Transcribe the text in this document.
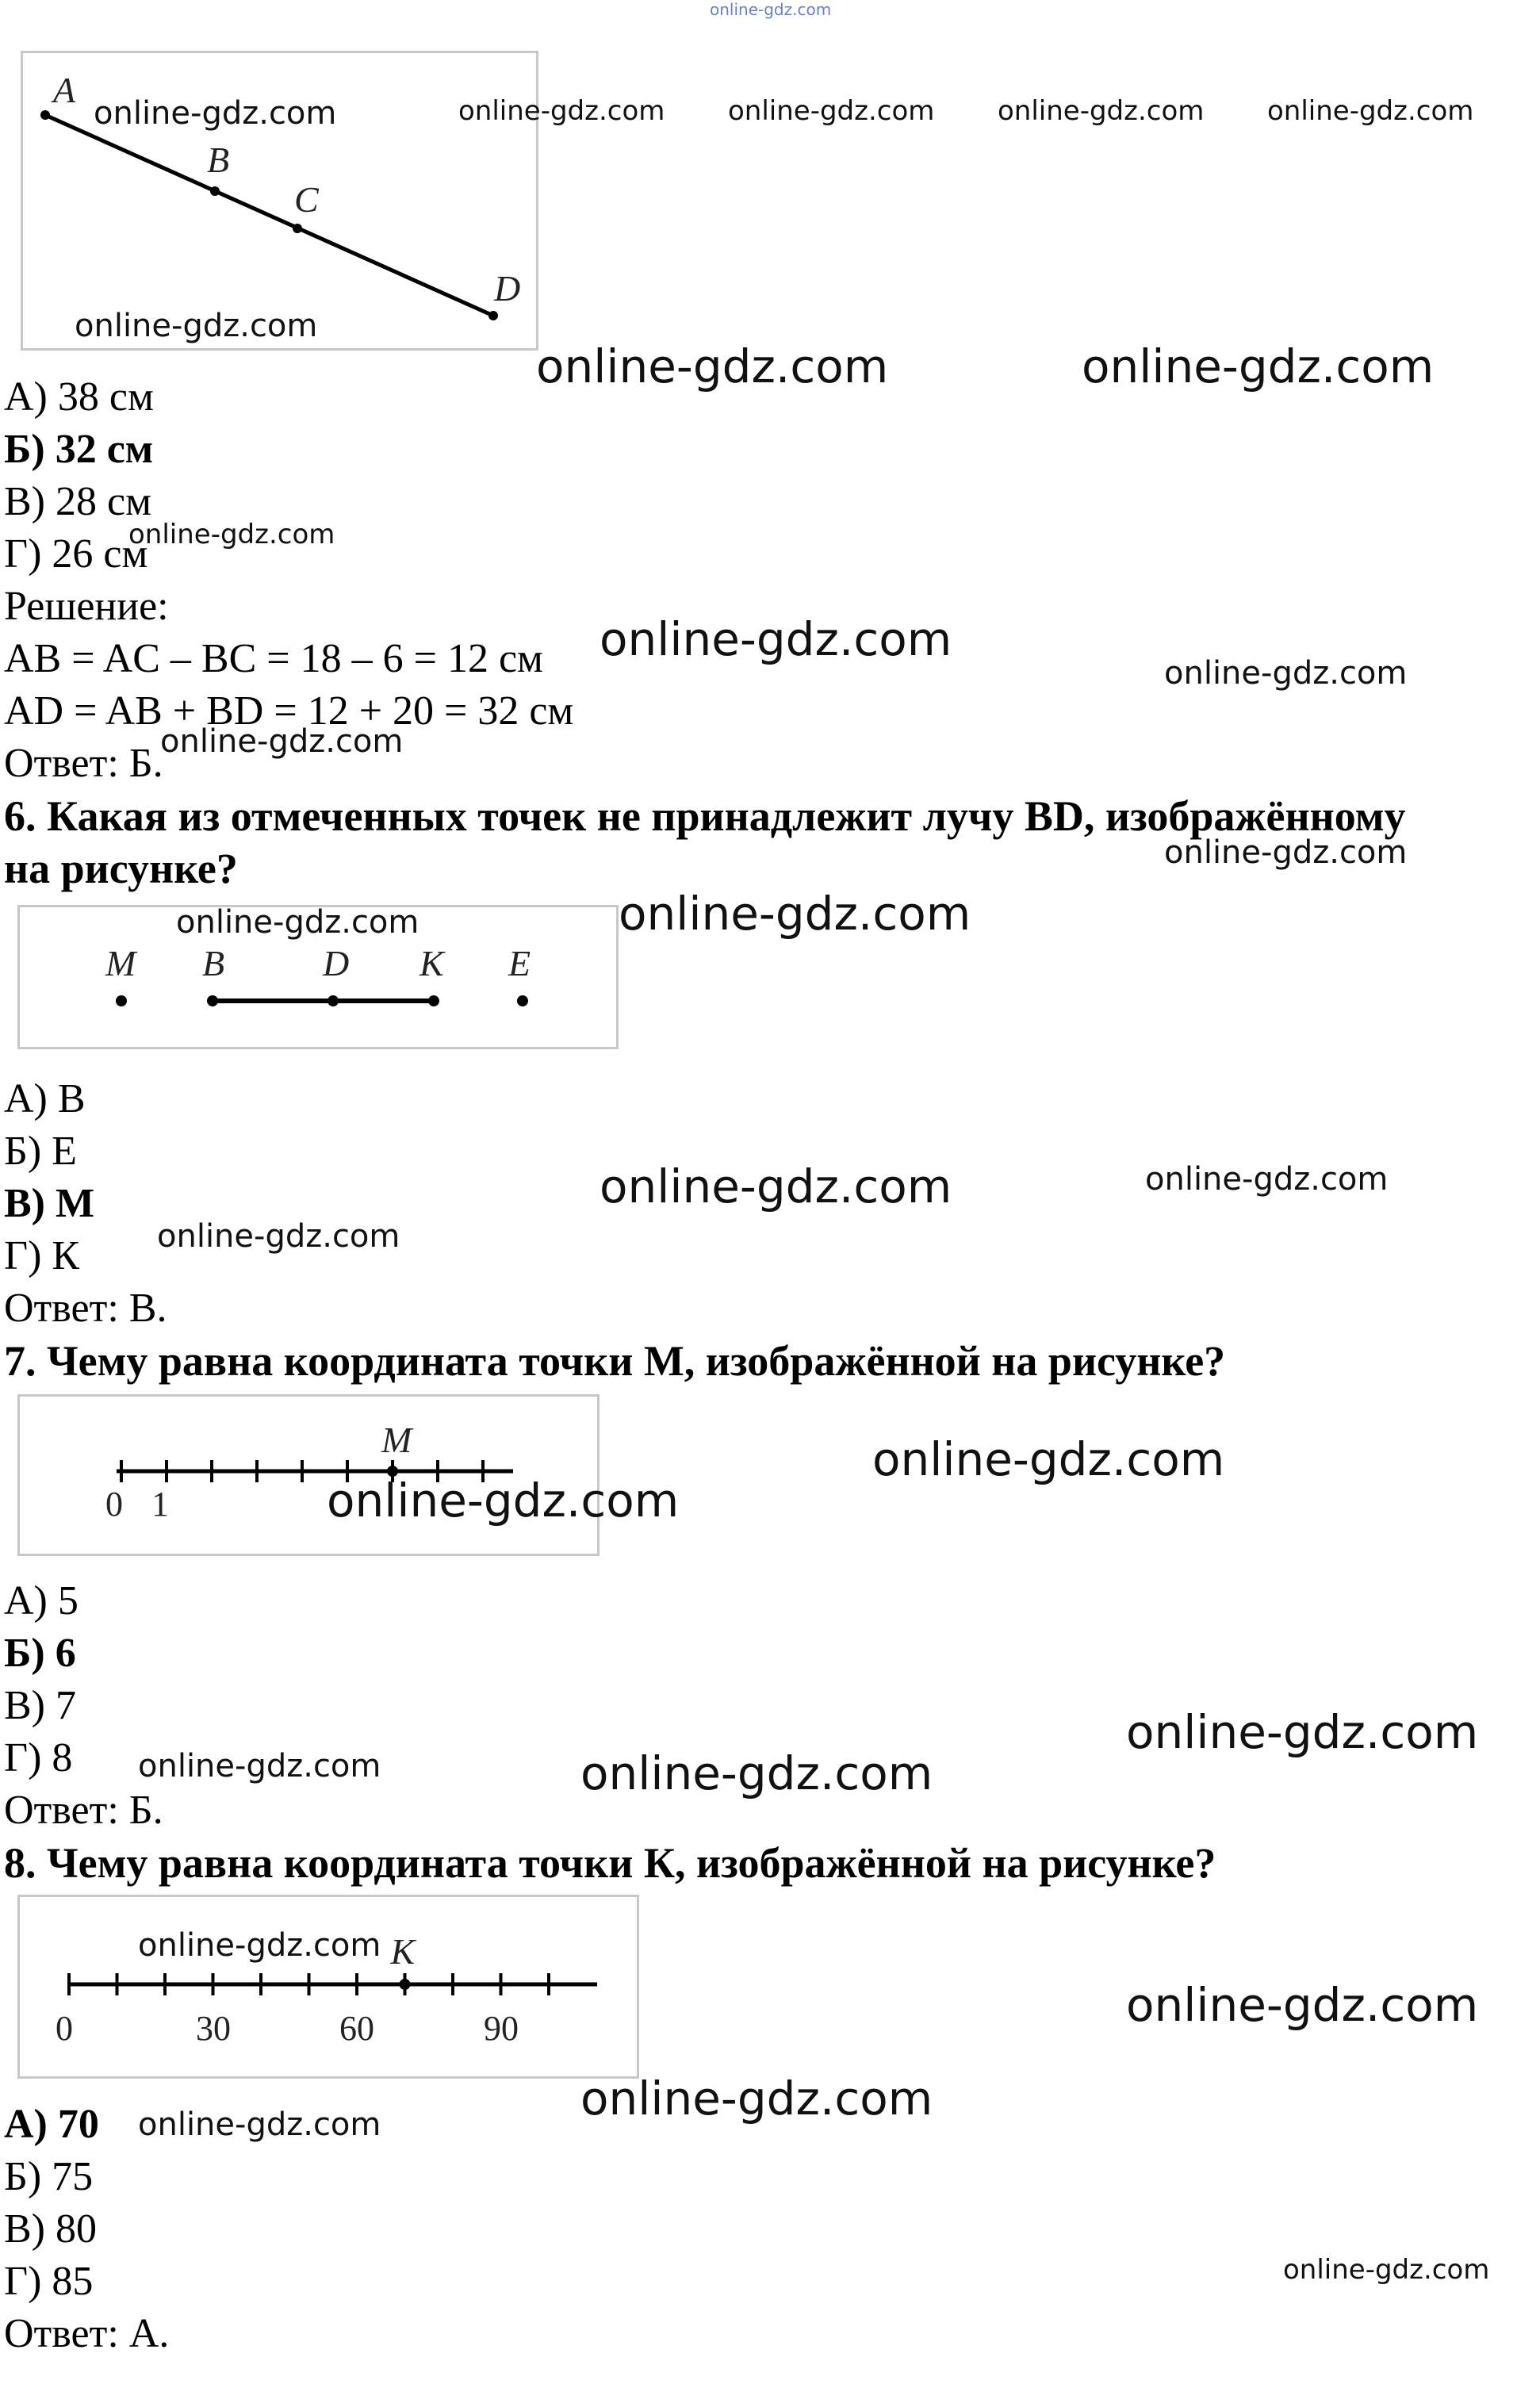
online-gdz.com
A
B
C
D
А) 38 см
Б) 32 см
В) 28 см
Г) 26 см
Решение:
AB = AC – BC = 18 – 6 = 12 см
AD = AB + BD = 12 + 20 = 32 см
Ответ: Б.
6. Какая из отмеченных точек не принадлежит лучу BD, изображённому
на рисунке?
M B	D K E
А) B
Б) E
В) M
Г) К
Ответ: В.
7. Чему равна координата точки М, изображённой на рисунке?
M
0 1
А) 5
Б) 6
В) 7
Г) 8
Ответ: Б.
8. Чему равна координата точки К, изображённой на рисунке?
K
0	30	60	90
А) 70
Б) 75
В) 80
Г) 85
Ответ: А.
online-gdz.com	online-gdz.com online-gdz.com online-gdz.com online-gdz.com
online-gdz.com
online-gdz.com	online-gdz.com
online-gdz.com
online-gdz.com
online-gdz.com
online-gdz.com
online-gdz.com
online-gdz.com	online-gdz.com
online-gdz.com	online-gdz.com
online-gdz.com
online-gdz.com
online-gdz.com
online-gdz.com
online-gdz.com	online-gdz.com
online-gdz.com
online-gdz.com
online-gdz.com
online-gdz.com
online-gdz.com
